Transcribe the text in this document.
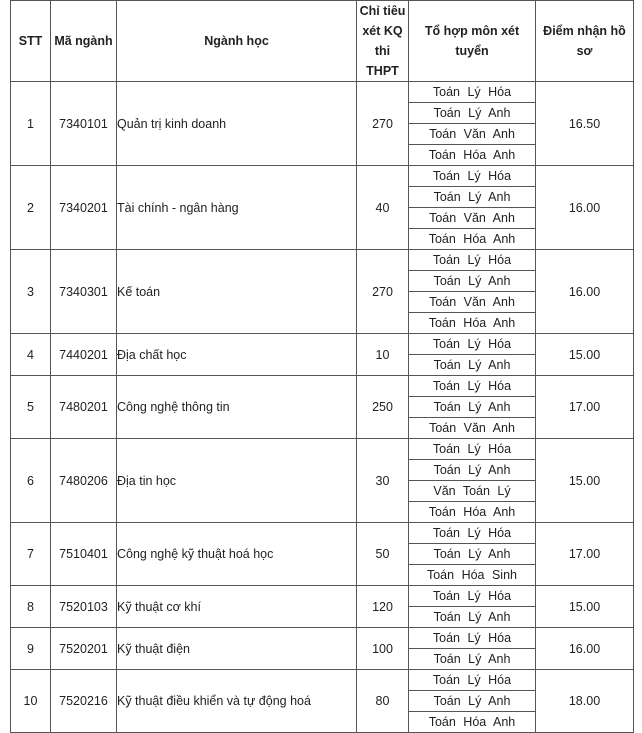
STT	Mã ngành	Ngành học	Chỉ tiêu
xét KQ
thi THPT	Tổ hợp môn xét tuyển	Điểm nhận hồ sơ
1	7340101	Quản trị kinh doanh	270	Toán Lý Hóa	16.50
				Toán Lý Anh	
				Toán Văn Anh	
				Toán Hóa Anh	
2	7340201	Tài chính - ngân hàng	40	Toán Lý Hóa	16.00
				Toán Lý Anh	
				Toán Văn Anh	
				Toán Hóa Anh	
3	7340301	Kế toán	270	Toán Lý Hóa	16.00
				Toán Lý Anh	
				Toán Văn Anh	
				Toán Hóa Anh	
4	7440201	Địa chất học	10	Toán Lý Hóa	15.00
				Toán Lý Anh	
5	7480201	Công nghệ thông tin	250	Toán Lý Hóa	17.00
				Toán Lý Anh	
				Toán Văn Anh	
6	7480206	Địa tin học	30	Toán Lý Hóa	15.00
				Toán Lý Anh	
				Văn Toán Lý	
				Toán Hóa Anh	
7	7510401	Công nghệ kỹ thuật hoá học	50	Toán Lý Hóa	17.00
				Toán Lý Anh	
				Toán Hóa Sinh	
8	7520103	Kỹ thuật cơ khí	120	Toán Lý Hóa	15.00
				Toán Lý Anh	
9	7520201	Kỹ thuật điện	100	Toán Lý Hóa	16.00
				Toán Lý Anh	
10	7520216	Kỹ thuật điều khiển và tự động hoá	80	Toán Lý Hóa	18.00
				Toán Lý Anh	
				Toán Hóa Anh	
